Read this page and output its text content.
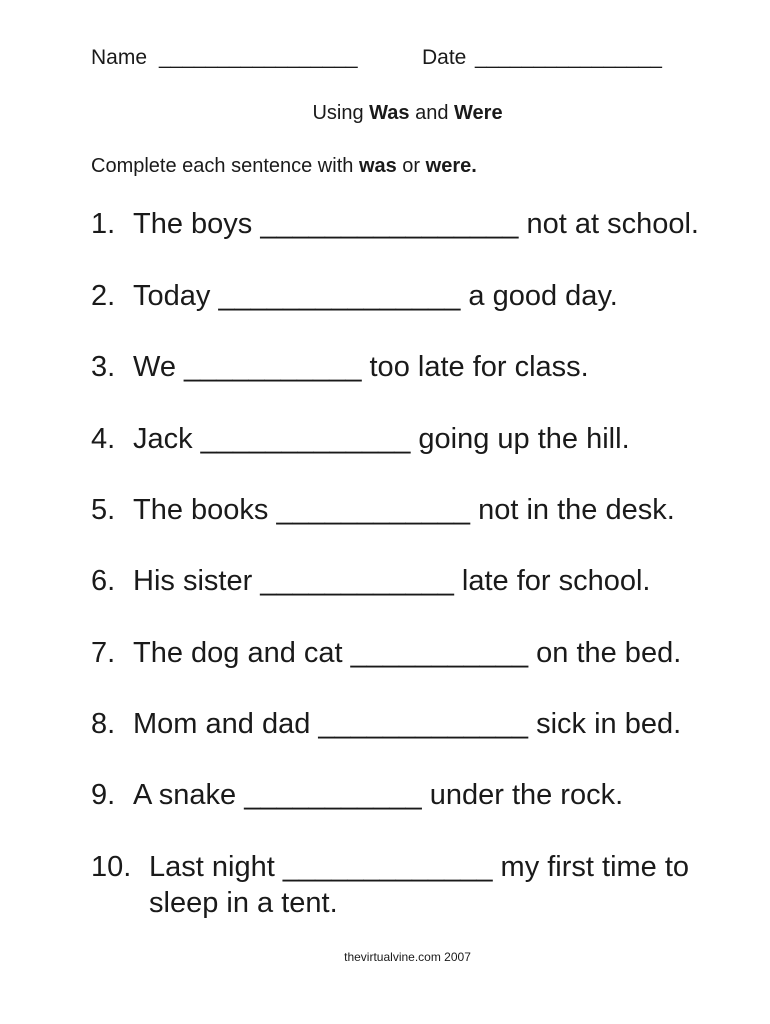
Name _________________	Date ________________
Using Was and Were
Complete each sentence with was or were.
1. The boys ________________ not at school.
2. Today _______________ a good day.
3. We ___________ too late for class.
4. Jack _____________ going up the hill.
5. The books ____________ not in the desk.
6. His sister ____________ late for school.
7. The dog and cat ___________ on the bed.
8. Mom and dad _____________ sick in bed.
9. A snake ___________ under the rock.
10. Last night _____________ my first time to
sleep in a tent.
thevirtualvine.com 2007
